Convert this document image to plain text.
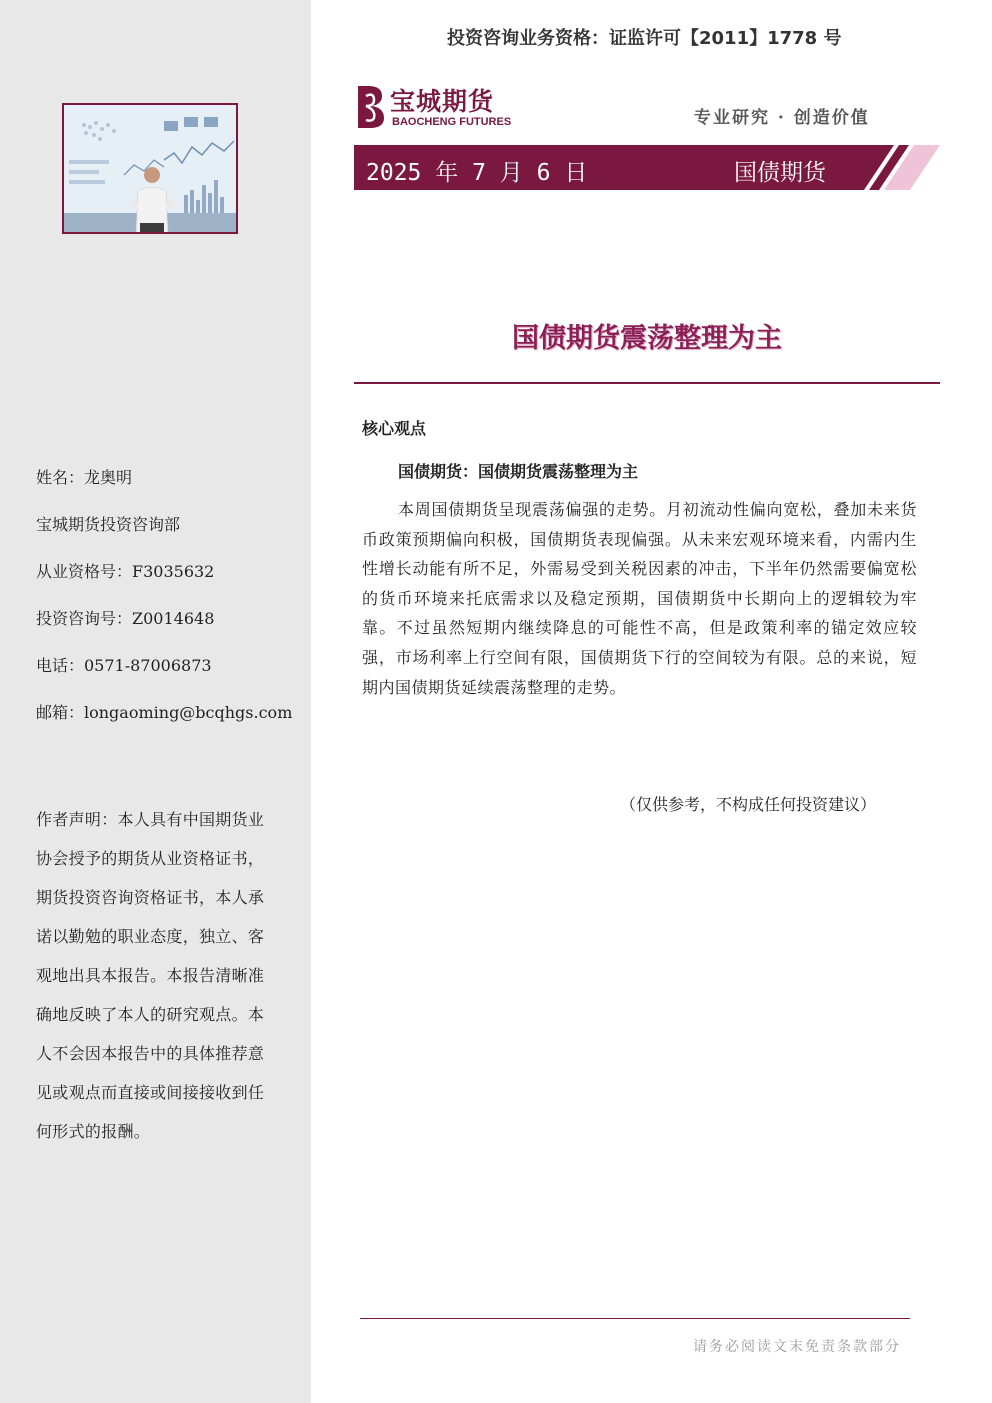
姓名：龙奥明
宝城期货投资咨询部
从业资格号：F3035632
投资咨询号：Z0014648
电话：0571-87006873
邮箱：longaoming@bcqhgs.com
作者声明：本人具有中国期货业协会授予的期货从业资格证书，期货投资咨询资格证书，本人承诺以勤勉的职业态度，独立、客观地出具本报告。本报告清晰准确地反映了本人的研究观点。本人不会因本报告中的具体推荐意见或观点而直接或间接接收到任何形式的报酬。
投资咨询业务资格：证监许可【2011】1778 号
宝城期货
BAOCHENG FUTURES	专业研究 · 创造价值
2025 年 7 月 6 日	国债期货
国债期货震荡整理为主
核心观点
国债期货：国债期货震荡整理为主
本周国债期货呈现震荡偏强的走势。月初流动性偏向宽松，叠加未来货币政策预期偏向积极，国债期货表现偏强。从未来宏观环境来看，内需内生性增长动能有所不足，外需易受到关税因素的冲击，下半年仍然需要偏宽松的货币环境来托底需求以及稳定预期，国债期货中长期向上的逻辑较为牢靠。不过虽然短期内继续降息的可能性不高，但是政策利率的锚定效应较强，市场利率上行空间有限，国债期货下行的空间较为有限。总的来说，短期内国债期货延续震荡整理的走势。
（仅供参考，不构成任何投资建议）
请务必阅读文末免责条款部分
